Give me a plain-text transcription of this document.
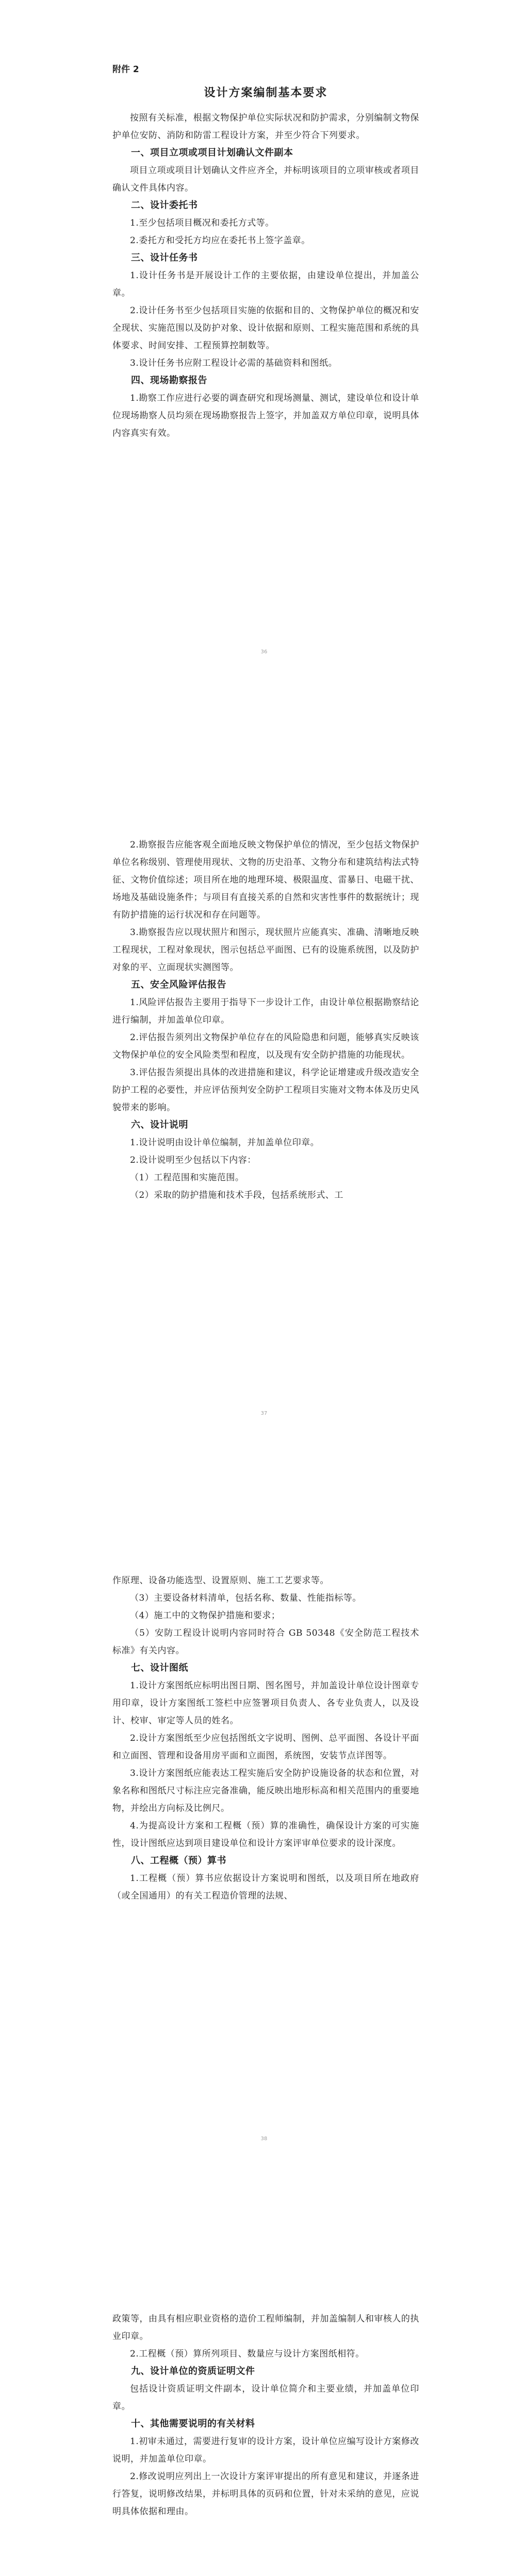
附件 2
设计方案编制基本要求

按照有关标准，根据文物保护单位实际状况和防护需求，分别编制文物保护单位安防、消防和防雷工程设计方案，并至少符合下列要求。

一、项目立项或项目计划确认文件副本

项目立项或项目计划确认文件应齐全，并标明该项目的立项审核或者项目确认文件具体内容。

二、设计委托书

1.至少包括项目概况和委托方式等。

2.委托方和受托方均应在委托书上签字盖章。

三、设计任务书

1.设计任务书是开展设计工作的主要依据，由建设单位提出，并加盖公章。

2.设计任务书至少包括项目实施的依据和目的、文物保护单位的概况和安全现状、实施范围以及防护对象、设计依据和原则、工程实施范围和系统的具体要求、时间安排、工程预算控制数等。

3.设计任务书应附工程设计必需的基础资料和图纸。

四、现场勘察报告

1.勘察工作应进行必要的调查研究和现场测量、测试，建设单位和设计单位现场勘察人员均须在现场勘察报告上签字，并加盖双方单位印章，说明具体内容真实有效。

36

2.勘察报告应能客观全面地反映文物保护单位的情况，至少包括文物保护单位名称级别、管理使用现状、文物的历史沿革、文物分布和建筑结构法式特征、文物价值综述；项目所在地的地理环境、极限温度、雷暴日、电磁干扰、场地及基础设施条件；与项目有直接关系的自然和灾害性事件的数据统计；现有防护措施的运行状况和存在问题等。

3.勘察报告应以现状照片和图示，现状照片应能真实、准确、清晰地反映工程现状，工程对象现状，图示包括总平面图、已有的设施系统图，以及防护对象的平、立面现状实测图等。

五、安全风险评估报告

1.风险评估报告主要用于指导下一步设计工作，由设计单位根据勘察结论进行编制，并加盖单位印章。

2.评估报告须列出文物保护单位存在的风险隐患和问题，能够真实反映该文物保护单位的安全风险类型和程度，以及现有安全防护措施的功能现状。

3.评估报告须提出具体的改进措施和建议，科学论证增建或升级改造安全防护工程的必要性，并应评估预判安全防护工程项目实施对文物本体及历史风貌带来的影响。

六、设计说明

1.设计说明由设计单位编制，并加盖单位印章。

2.设计说明至少包括以下内容：

（1）工程范围和实施范围。

（2）采取的防护措施和技术手段，包括系统形式、工

37

作原理、设备功能选型、设置原则、施工工艺要求等。

（3）主要设备材料清单，包括名称、数量、性能指标等。

（4）施工中的文物保护措施和要求；

（5）安防工程设计说明内容同时符合 GB 50348《安全防范工程技术标准》有关内容。

七、设计图纸

1.设计方案图纸应标明出图日期、图名图号，并加盖设计单位设计图章专用印章，设计方案图纸工签栏中应签署项目负责人、各专业负责人，以及设计、校审、审定等人员的姓名。

2.设计方案图纸至少应包括图纸文字说明、图例、总平面图、各设计平面和立面图、管理和设备用房平面和立面图，系统图，安装节点详图等。

3.设计方案图纸应能表达工程实施后安全防护设施设备的状态和位置，对象名称和图纸尺寸标注应完备准确，能反映出地形标高和相关范围内的重要地物，并绘出方向标及比例尺。

4.为提高设计方案和工程概（预）算的准确性，确保设计方案的可实施性，设计图纸应达到项目建设单位和设计方案评审单位要求的设计深度。

八、工程概（预）算书

1.工程概（预）算书应依据设计方案说明和图纸，以及项目所在地政府（或全国通用）的有关工程造价管理的法规、

38

政策等，由具有相应职业资格的造价工程师编制，并加盖编制人和审核人的执业印章。

2.工程概（预）算所列项目、数量应与设计方案图纸相符。

九、设计单位的资质证明文件

包括设计资质证明文件副本，设计单位简介和主要业绩，并加盖单位印章。

十、其他需要说明的有关材料

1.初审未通过，需要进行复审的设计方案，设计单位应编写设计方案修改说明，并加盖单位印章。

2.修改说明应列出上一次设计方案评审提出的所有意见和建议，并逐条进行答复，说明修改结果，并标明具体的页码和位置，针对未采纳的意见，应说明具体依据和理由。
